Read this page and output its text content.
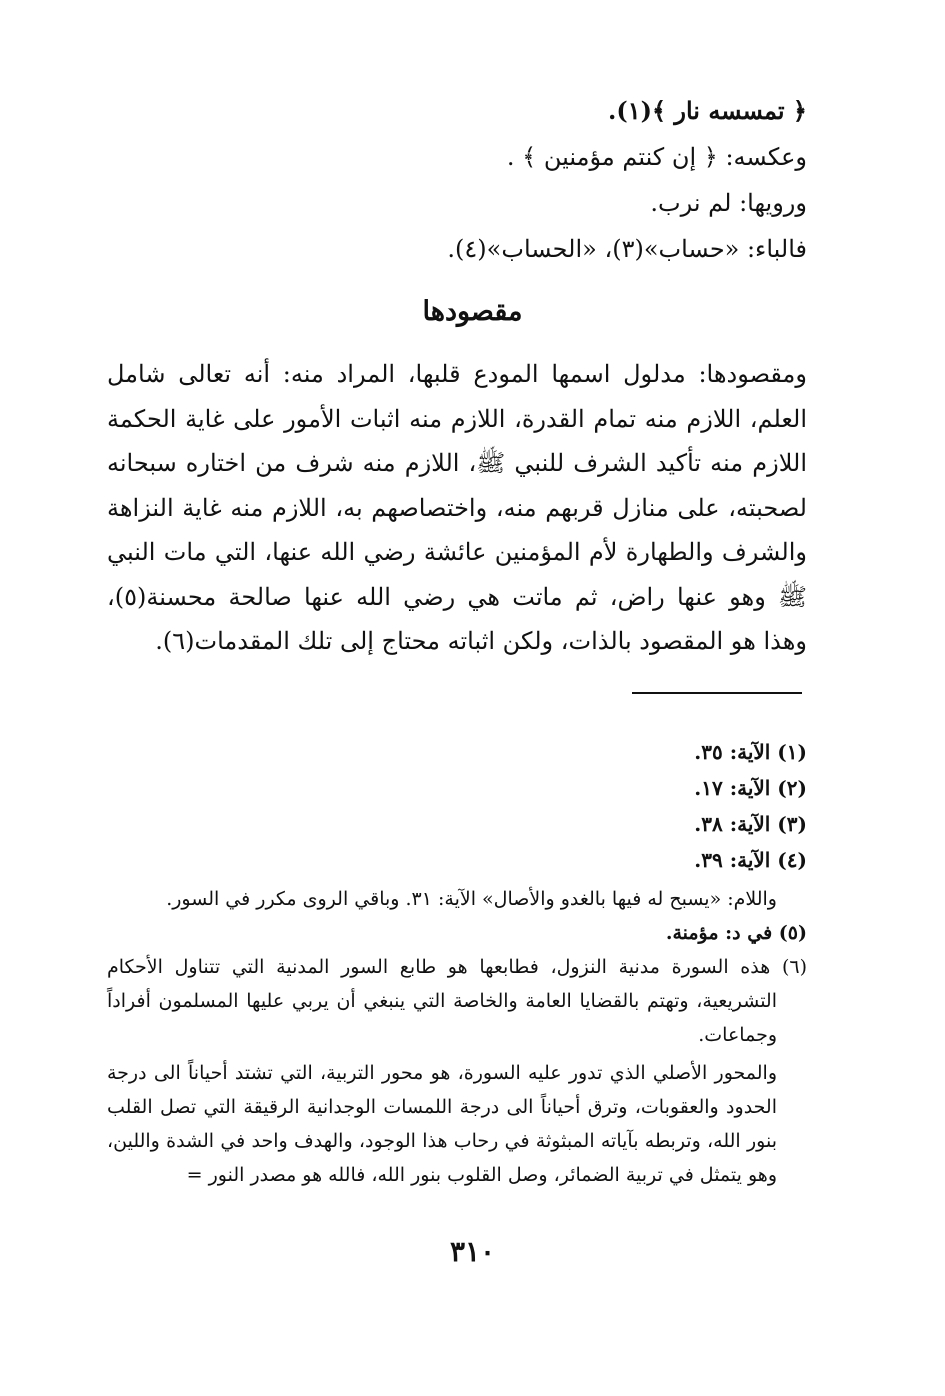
﴿ تمسسه نار ﴾(١).
وعكسه: ﴿ إن كنتم مؤمنين ﴾ .
ورويها: لم نرب.
فالباء: «حساب»(٣)، «الحساب»(٤).
مقصودها

ومقصودها: مدلول اسمها المودع قلبها، المراد منه: أنه تعالى شامل العلم، اللازم منه تمام القدرة، اللازم منه اثبات الأمور على غاية الحكمة اللازم منه تأكيد الشرف للنبي ﷺ، اللازم منه شرف من اختاره سبحانه لصحبته، على منازل قربهم منه، واختصاصهم به، اللازم منه غاية النزاهة والشرف والطهارة لأم المؤمنين عائشة رضي الله عنها، التي مات النبي ﷺ وهو عنها راض، ثم ماتت هي رضي الله عنها صالحة محسنة(٥)، وهذا هو المقصود بالذات، ولكن اثباته محتاج إلى تلك المقدمات(٦).

(١) الآية: ٣٥.
(٢) الآية: ١٧.
(٣) الآية: ٣٨.
(٤) الآية: ٣٩.

واللام: «يسبح له فيها بالغدو والأصال» الآية: ٣١. وباقي الروى مكرر في السور.

(٥) في د: مؤمنة.

(٦) هذه السورة مدنية النزول، فطابعها هو طابع السور المدنية التي تتناول الأحكام التشريعية، وتهتم بالقضايا العامة والخاصة التي ينبغي أن يربي عليها المسلمون أفراداً وجماعات.

والمحور الأصلي الذي تدور عليه السورة، هو محور التربية، التي تشتد أحياناً الى درجة الحدود والعقوبات، وترق أحياناً الى درجة اللمسات الوجدانية الرقيقة التي تصل القلب بنور الله، وتربطه بآياته المبثوثة في رحاب هذا الوجود، والهدف واحد في الشدة واللين، وهو يتمثل في تربية الضمائر، وصل القلوب بنور الله، فالله هو مصدر النور =

٣١٠
